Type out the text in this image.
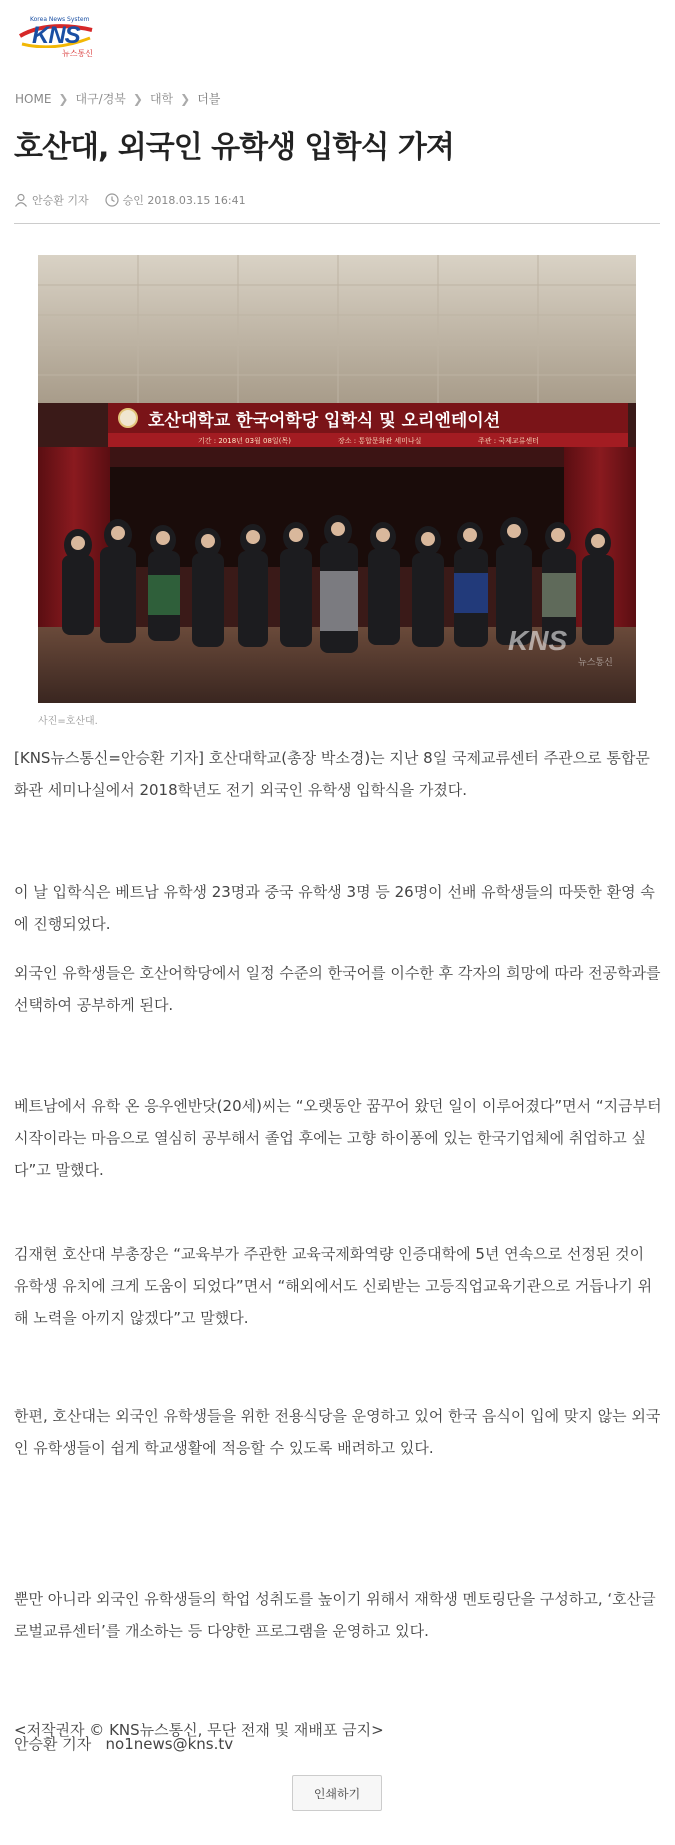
Korea News System
KNS
뉴스통신
HOME ❯ 대구/경북 ❯ 대학 ❯ 더블
호산대, 외국인 유학생 입학식 가져
안승환 기자	승인 2018.03.15 16:41
호산대학교 한국어학당 입학식 및 오리엔테이션
기간 : 2018년 03월 08일(목)	장소 : 통합문화관 세미나실	주관 : 국제교류센터
KNS
뉴스통신
사진=호산대.

[KNS뉴스통신=안승환 기자] 호산대학교(총장 박소경)는 지난 8일 국제교류센터 주관으로 통합문화관 세미나실에서 2018학년도 전기 외국인 유학생 입학식을 가졌다.

이 날 입학식은 베트남 유학생 23명과 중국 유학생 3명 등 26명이 선배 유학생들의 따뜻한 환영 속에 진행되었다.

외국인 유학생들은 호산어학당에서 일정 수준의 한국어를 이수한 후 각자의 희망에 따라 전공학과를 선택하여 공부하게 된다.

베트남에서 유학 온 응우엔반닷(20세)씨는 “오랫동안 꿈꾸어 왔던 일이 이루어졌다”면서 “지금부터 시작이라는 마음으로 열심히 공부해서 졸업 후에는 고향 하이퐁에 있는 한국기업체에 취업하고 싶다”고 말했다.

김재현 호산대 부총장은 “교육부가 주관한 교육국제화역량 인증대학에 5년 연속으로 선정된 것이 유학생 유치에 크게 도움이 되었다”면서 “해외에서도 신뢰받는 고등직업교육기관으로 거듭나기 위해 노력을 아끼지 않겠다”고 말했다.

한편, 호산대는 외국인 유학생들을 위한 전용식당을 운영하고 있어 한국 음식이 입에 맞지 않는 외국인 유학생들이 쉽게 학교생활에 적응할 수 있도록 배려하고 있다.

뿐만 아니라 외국인 유학생들의 학업 성취도를 높이기 위해서 재학생 멘토링단을 구성하고, ‘호산글로벌교류센터’를 개소하는 등 다양한 프로그램을 운영하고 있다.

안승환 기자   no1news@kns.tv

<저작권자 © KNS뉴스통신, 무단 전재 및 재배포 금지>

인쇄하기
